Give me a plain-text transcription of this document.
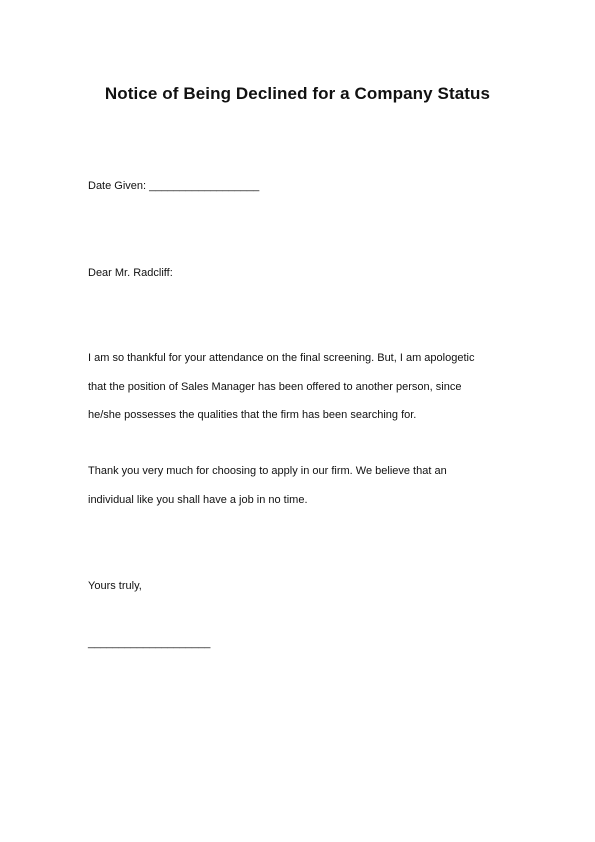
Notice of Being Declined for a Company Status
Date Given: __________________
Dear Mr. Radcliff:
I am so thankful for your attendance on the final screening. But, I am apologetic
that the position of Sales Manager has been offered to another person, since
he/she possesses the qualities that the firm has been searching for.
Thank you very much for choosing to apply in our firm. We believe that an
individual like you shall have a job in no time.
Yours truly,
____________________
